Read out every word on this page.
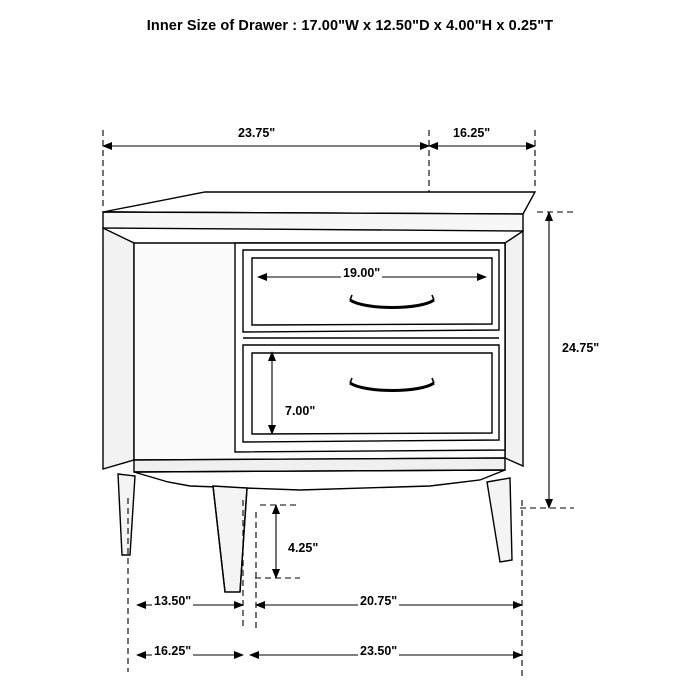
Inner Size of Drawer : 17.00"W x 12.50"D x 4.00"H x 0.25"T
23.75"	16.25"
19.00"
7.00"
24.75"
4.25"
13.50"	20.75"
16.25"	23.50"
